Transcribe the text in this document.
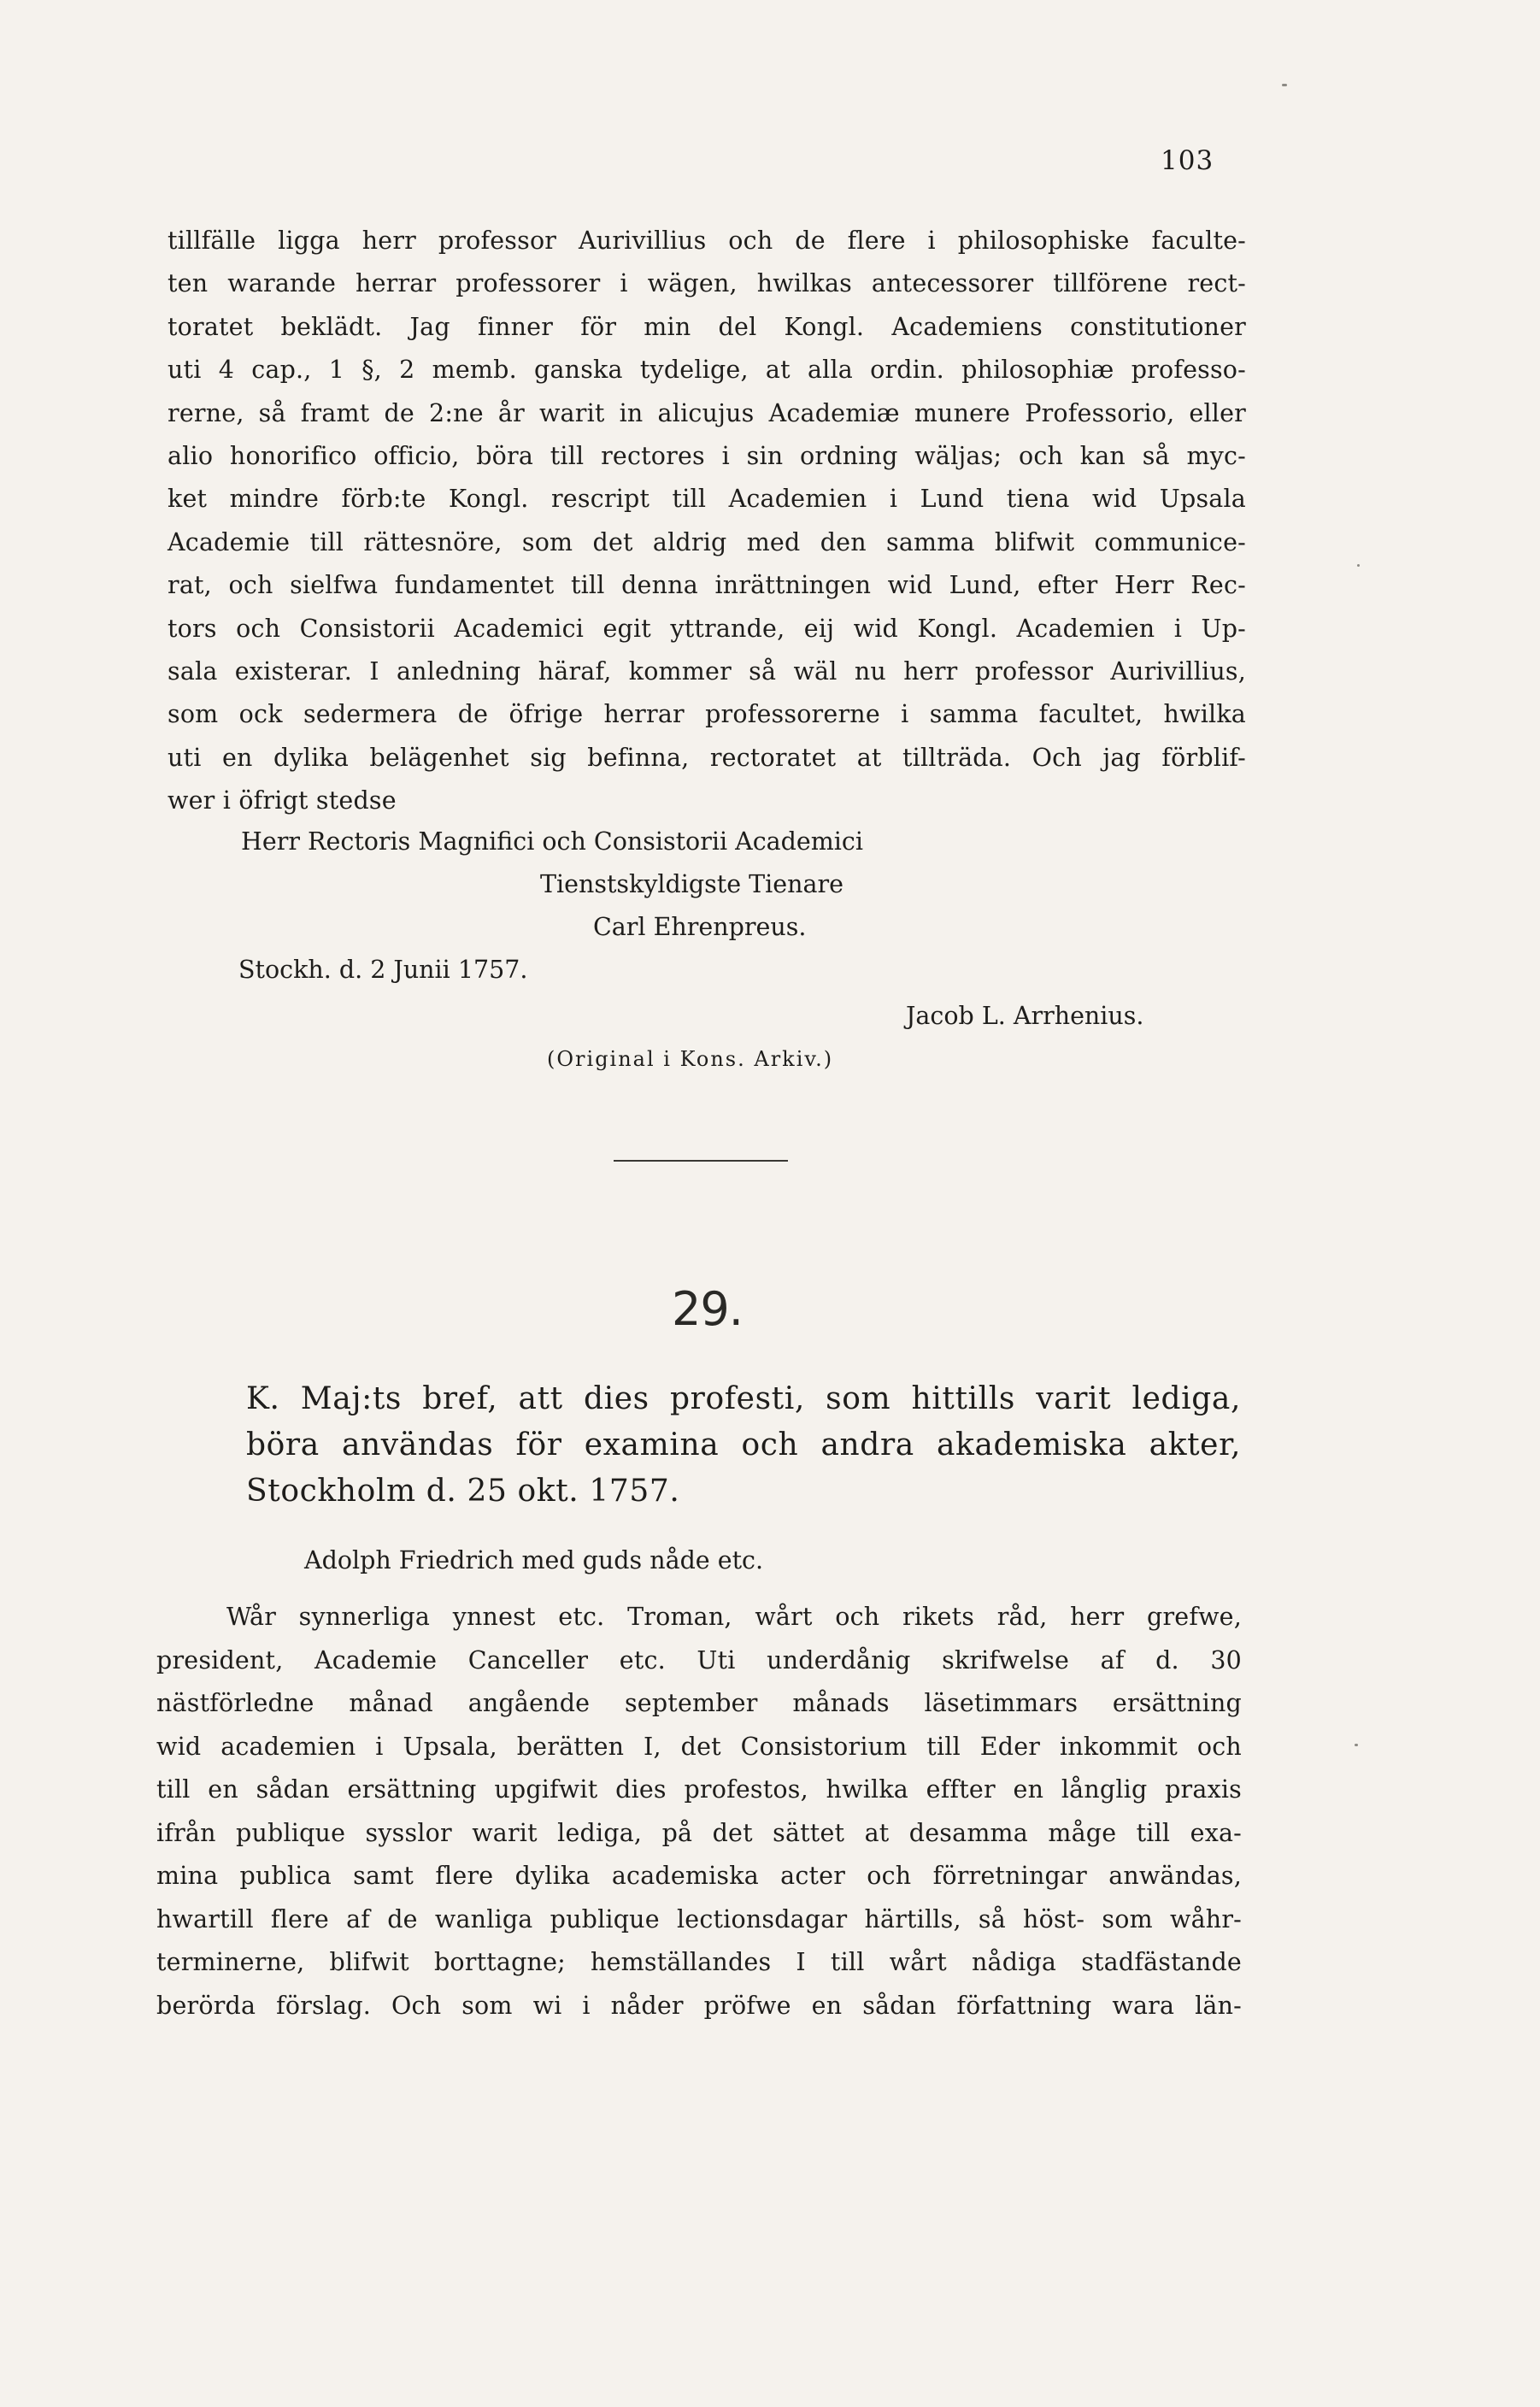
103
tillfälle ligga herr professor Aurivillius och de flere i philosophiske faculte-
ten warande herrar professorer i wägen, hwilkas antecessorer tillförene rect-
toratet beklädt. Jag finner för min del Kongl. Academiens constitutioner
uti 4 cap., 1 §, 2 memb. ganska tydelige, at alla ordin. philosophiæ professo-
rerne, så framt de 2:ne år warit in alicujus Academiæ munere Professorio, eller
alio honorifico officio, böra till rectores i sin ordning wäljas; och kan så myc-
ket mindre förb:te Kongl. rescript till Academien i Lund tiena wid Upsala
Academie till rättesnöre, som det aldrig med den samma blifwit communice-
rat, och sielfwa fundamentet till denna inrättningen wid Lund, efter Herr Rec-
tors och Consistorii Academici egit yttrande, eij wid Kongl. Academien i Up-
sala existerar. I anledning häraf, kommer så wäl nu herr professor Aurivillius,
som ock sedermera de öfrige herrar professorerne i samma facultet, hwilka
uti en dylika belägenhet sig befinna, rectoratet at tillträda. Och jag förblif-
wer i öfrigt stedse
Herr Rectoris Magnifici och Consistorii Academici
Tienstskyldigste Tienare
Carl Ehrenpreus.
Stockh. d. 2 Junii 1757.
Jacob L. Arrhenius.
(Original i Kons. Arkiv.)
29.
K. Maj:ts bref, att dies profesti, som hittills varit lediga,
böra användas för examina och andra akademiska akter,
Stockholm d. 25 okt. 1757.
Adolph Friedrich med guds nåde etc.
Wår synnerliga ynnest etc. Troman, wårt och rikets råd, herr grefwe,
president, Academie Canceller etc. Uti underdånig skrifwelse af d. 30
nästförledne månad angående september månads läsetimmars ersättning
wid academien i Upsala, berätten I, det Consistorium till Eder inkommit och
till en sådan ersättning upgifwit dies profestos, hwilka effter en långlig praxis
ifrån publique sysslor warit lediga, på det sättet at desamma måge till exa-
mina publica samt flere dylika academiska acter och förretningar anwändas,
hwartill flere af de wanliga publique lectionsdagar härtills, så höst- som wåhr-
terminerne, blifwit borttagne; hemställandes I till wårt nådiga stadfästande
berörda förslag. Och som wi i nåder pröfwe en sådan författning wara län-
